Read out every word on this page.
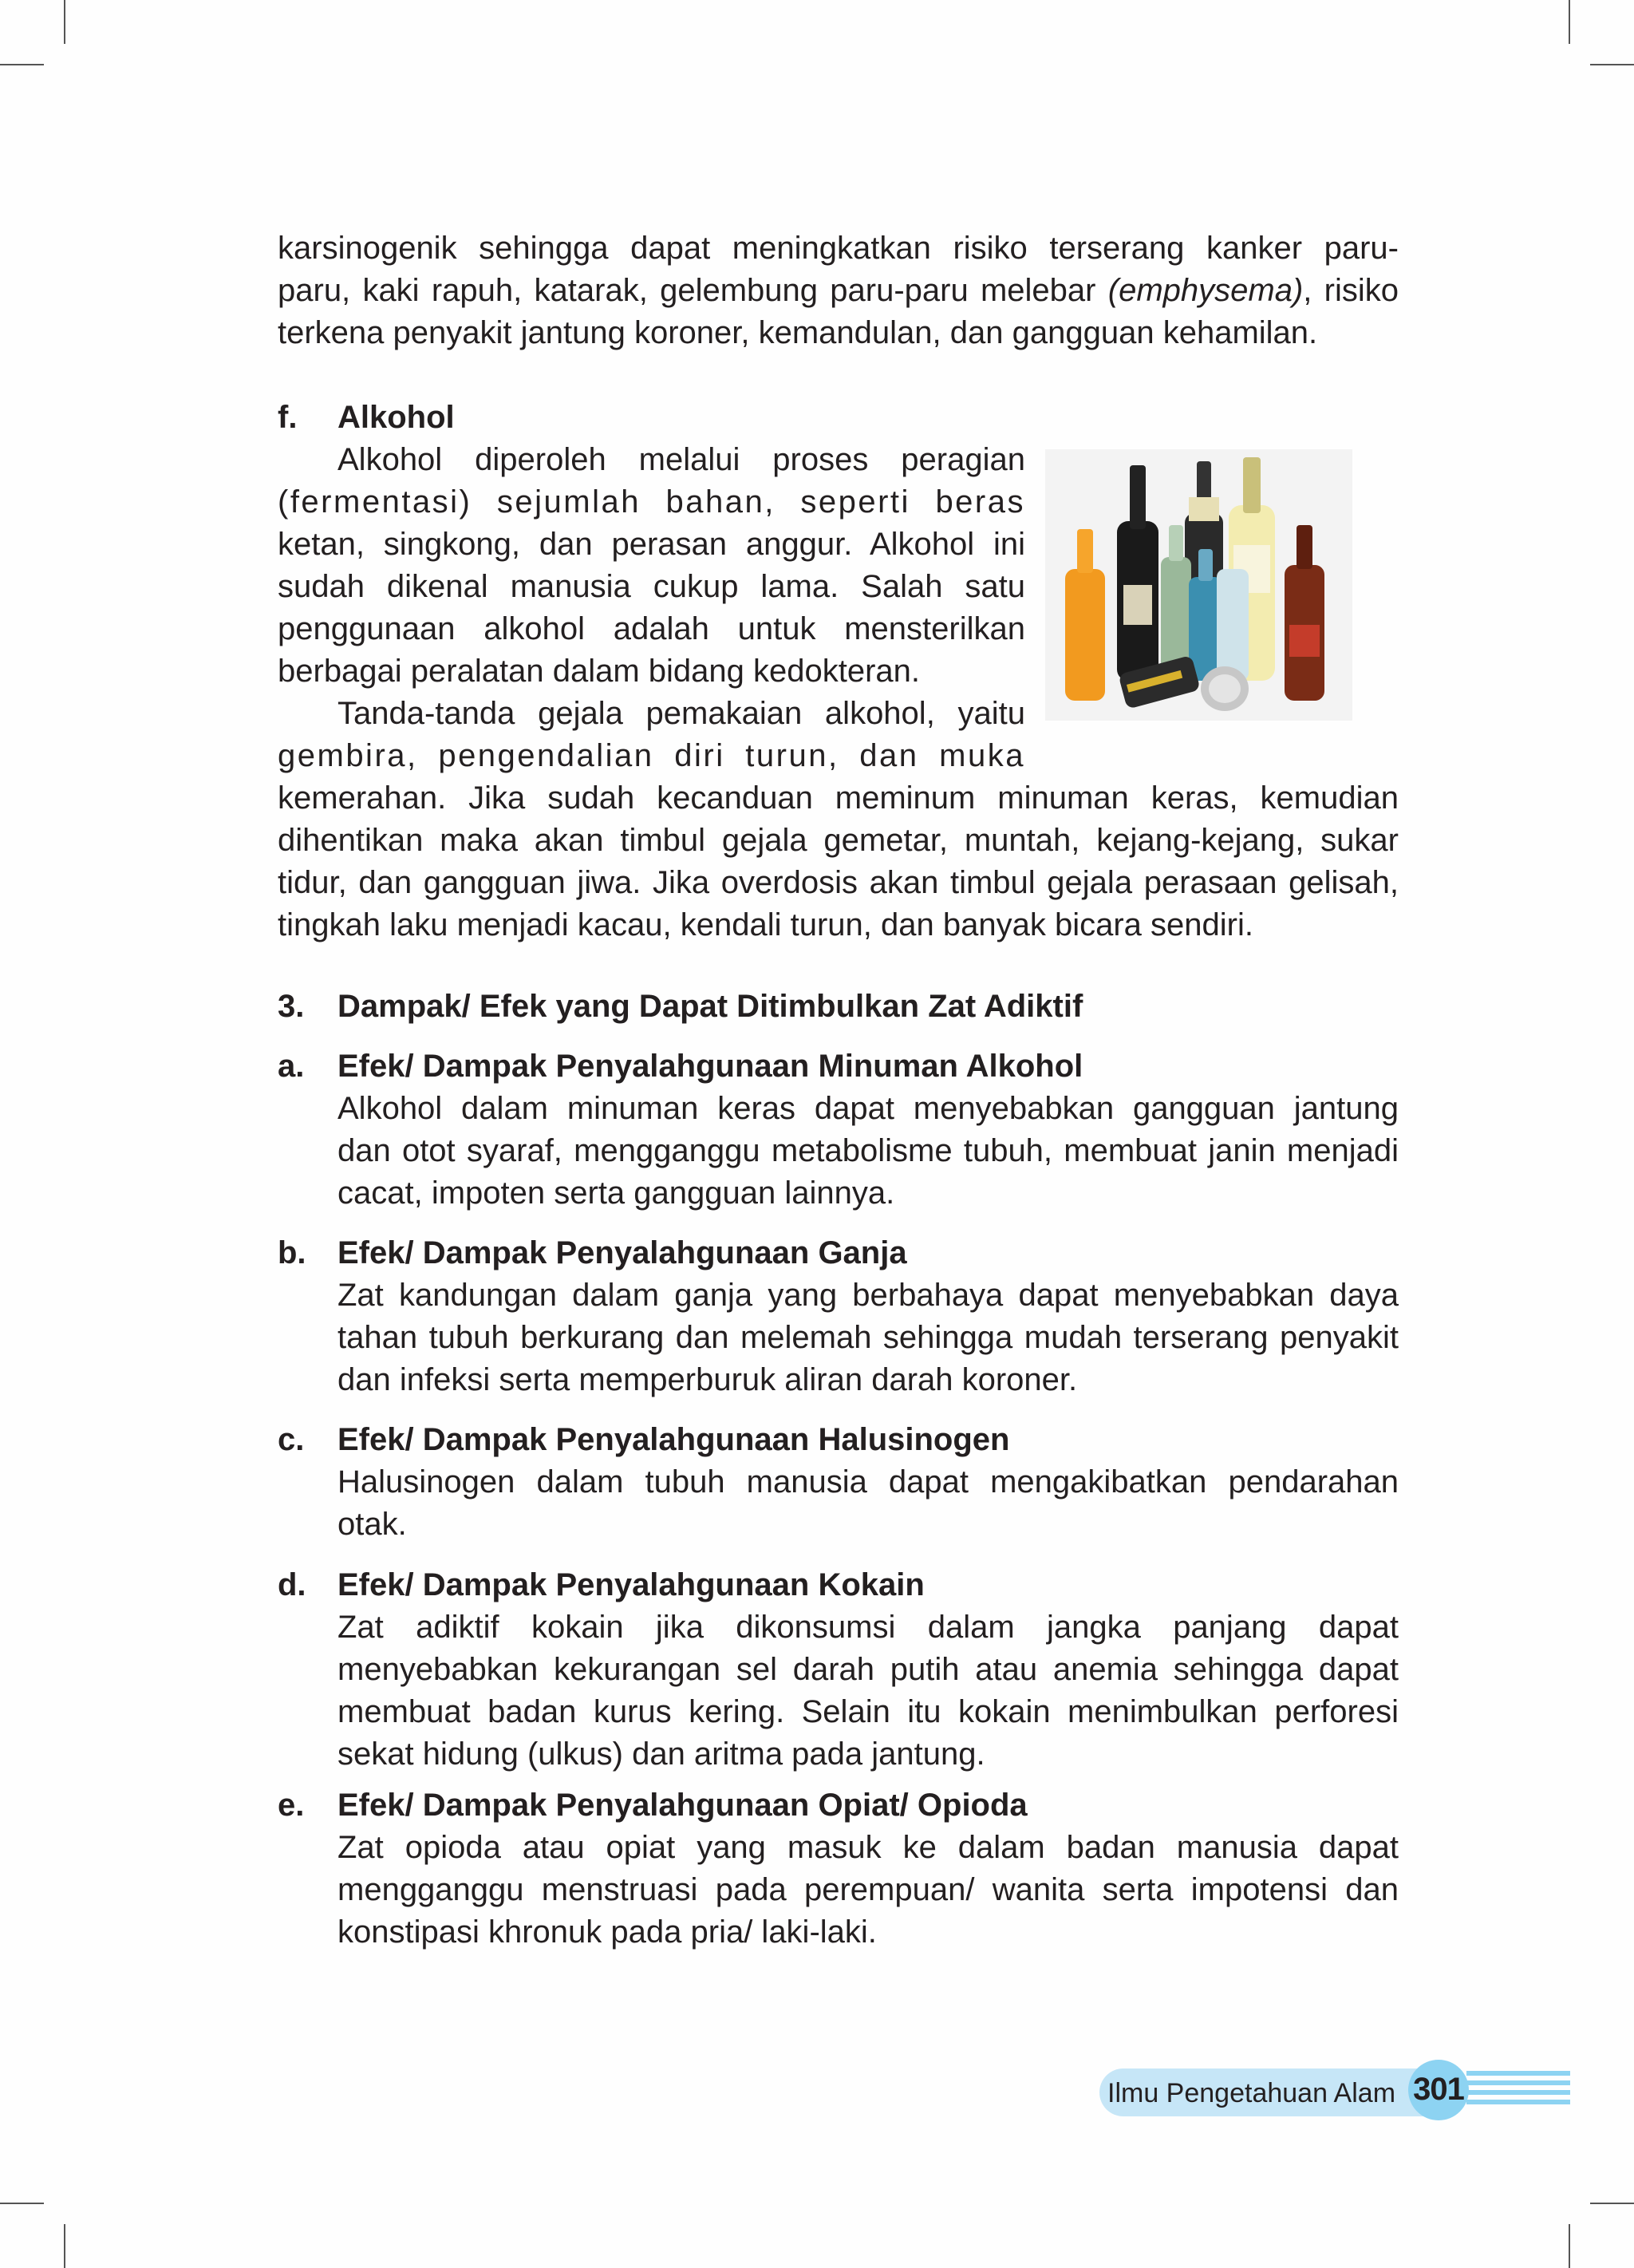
karsinogenik sehingga dapat meningkatkan risiko terserang kanker paru-
paru, kaki rapuh, katarak, gelembung paru-paru melebar (emphysema), risiko
terkena penyakit jantung koroner, kemandulan, dan gangguan kehamilan.
f. Alkohol
Alkohol diperoleh melalui proses peragian
(fermentasi) sejumlah bahan, seperti beras
ketan, singkong, dan perasan anggur. Alkohol ini
sudah dikenal manusia cukup lama. Salah satu
penggunaan alkohol adalah untuk mensterilkan
berbagai peralatan dalam bidang kedokteran.
Tanda-tanda gejala pemakaian alkohol, yaitu
gembira, pengendalian diri turun, dan muka
kemerahan. Jika sudah kecanduan meminum minuman keras, kemudian
dihentikan maka akan timbul gejala gemetar, muntah, kejang-kejang, sukar
tidur, dan gangguan jiwa. Jika overdosis akan timbul gejala perasaan gelisah,
tingkah laku menjadi kacau, kendali turun, dan banyak bicara sendiri.
3. Dampak/ Efek yang Dapat Ditimbulkan Zat Adiktif
a. Efek/ Dampak Penyalahgunaan Minuman Alkohol
Alkohol dalam minuman keras dapat menyebabkan gangguan jantung
dan otot syaraf, mengganggu metabolisme tubuh, membuat janin menjadi
cacat, impoten serta gangguan lainnya.
b. Efek/ Dampak Penyalahgunaan Ganja
Zat kandungan dalam ganja yang berbahaya dapat menyebabkan daya
tahan tubuh berkurang dan melemah sehingga mudah terserang penyakit
dan infeksi serta memperburuk aliran darah koroner.
c. Efek/ Dampak Penyalahgunaan Halusinogen
Halusinogen dalam tubuh manusia dapat mengakibatkan pendarahan
otak.
d. Efek/ Dampak Penyalahgunaan Kokain
Zat adiktif kokain jika dikonsumsi dalam jangka panjang dapat
menyebabkan kekurangan sel darah putih atau anemia sehingga dapat
membuat badan kurus kering. Selain itu kokain menimbulkan perforesi
sekat hidung (ulkus) dan aritma pada jantung.
e. Efek/ Dampak Penyalahgunaan Opiat/ Opioda
Zat opioda atau opiat yang masuk ke dalam badan manusia dapat
mengganggu menstruasi pada perempuan/ wanita serta impotensi dan
konstipasi khronuk pada pria/ laki-laki.
Ilmu Pengetahuan Alam 301
